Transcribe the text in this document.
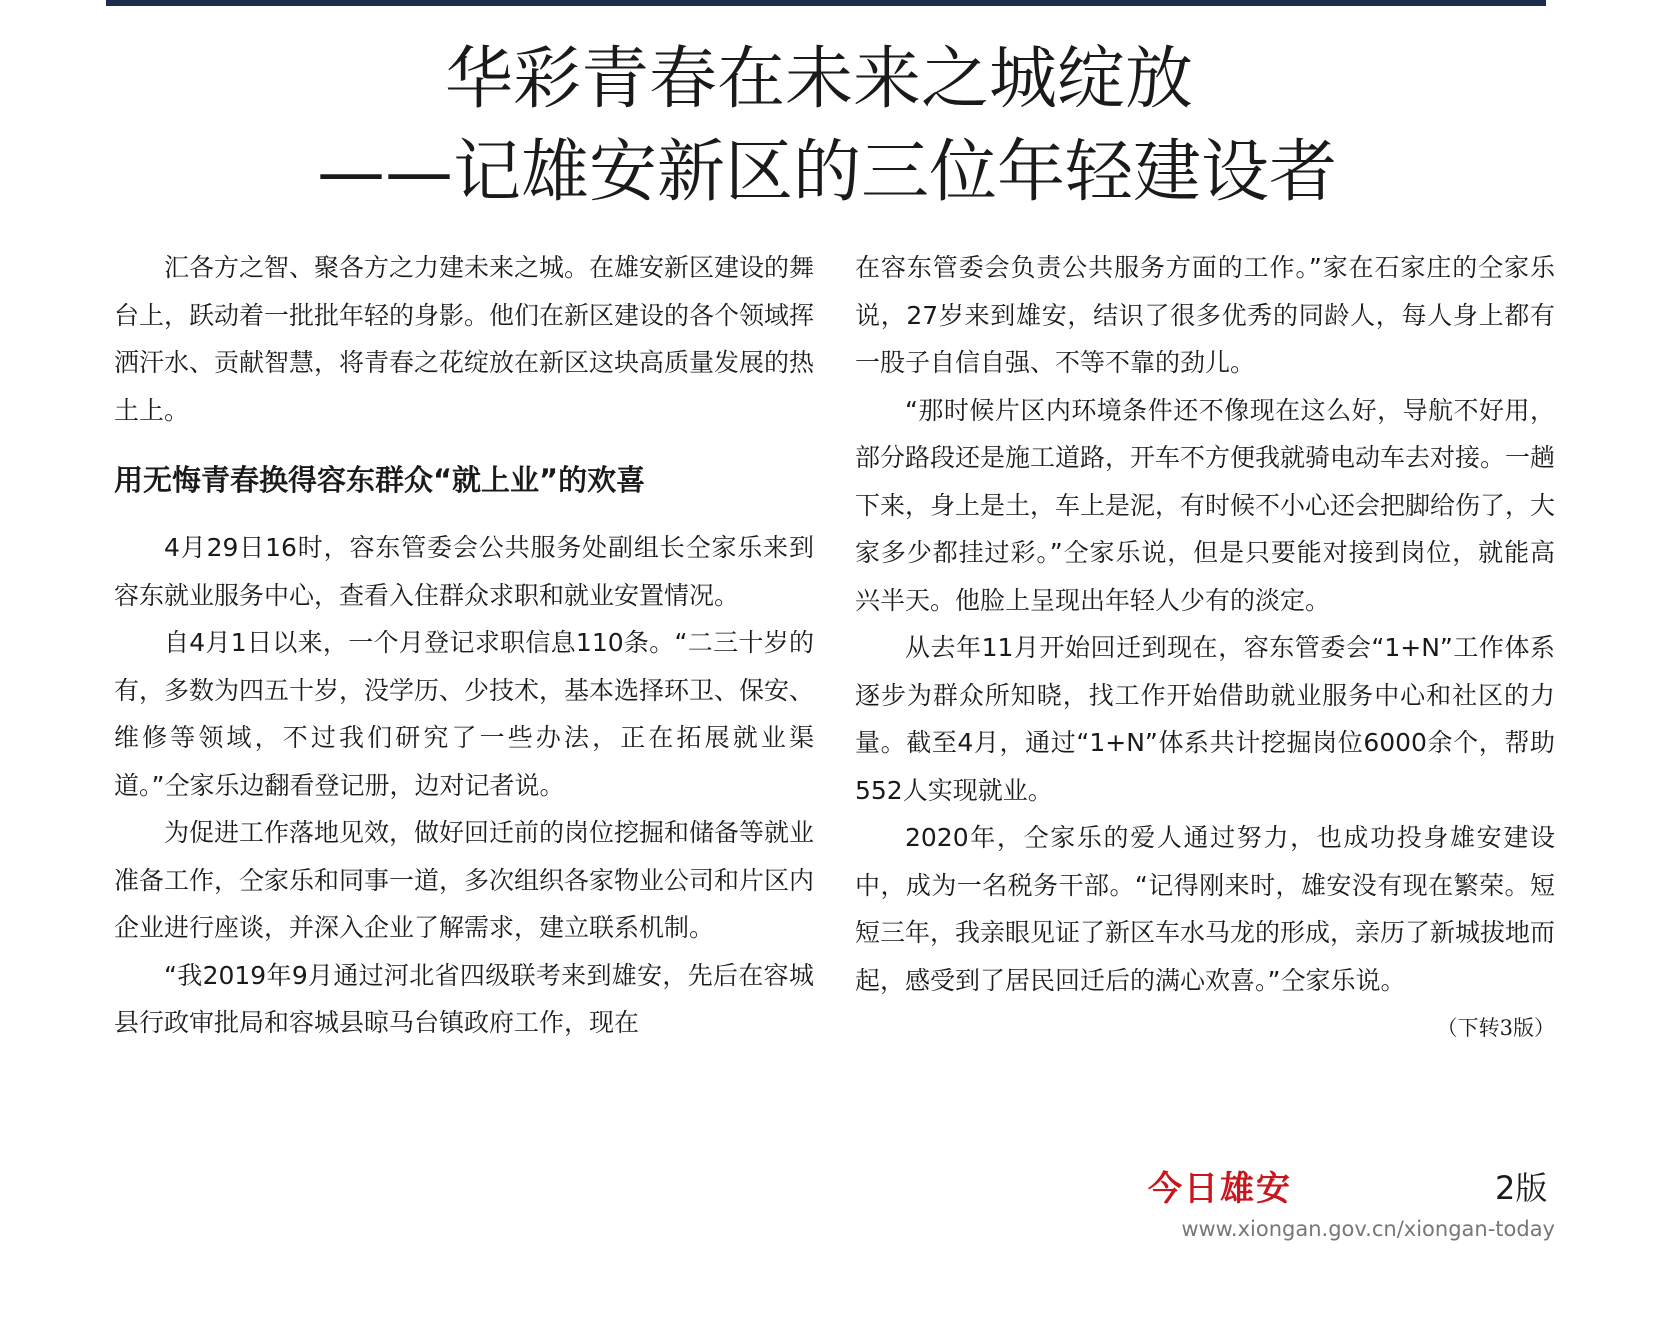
华彩青春在未来之城绽放
——记雄安新区的三位年轻建设者

汇各方之智、聚各方之力建未来之城。在雄安新区建设的舞台上，跃动着一批批年轻的身影。他们在新区建设的各个领域挥洒汗水、贡献智慧，将青春之花绽放在新区这块高质量发展的热土上。

用无悔青春换得容东群众“就上业”的欢喜

4月29日16时，容东管委会公共服务处副组长仝家乐来到容东就业服务中心，查看入住群众求职和就业安置情况。

自4月1日以来，一个月登记求职信息110条。“二三十岁的有，多数为四五十岁，没学历、少技术，基本选择环卫、保安、维修等领域，不过我们研究了一些办法，正在拓展就业渠道。”仝家乐边翻看登记册，边对记者说。

为促进工作落地见效，做好回迁前的岗位挖掘和储备等就业准备工作，仝家乐和同事一道，多次组织各家物业公司和片区内企业进行座谈，并深入企业了解需求，建立联系机制。

“我2019年9月通过河北省四级联考来到雄安，先后在容城县行政审批局和容城县晾马台镇政府工作，现在

在容东管委会负责公共服务方面的工作。”家在石家庄的仝家乐说，27岁来到雄安，结识了很多优秀的同龄人，每人身上都有一股子自信自强、不等不靠的劲儿。

“那时候片区内环境条件还不像现在这么好，导航不好用，部分路段还是施工道路，开车不方便我就骑电动车去对接。一趟下来，身上是土，车上是泥，有时候不小心还会把脚给伤了，大家多少都挂过彩。”仝家乐说，但是只要能对接到岗位，就能高兴半天。他脸上呈现出年轻人少有的淡定。

从去年11月开始回迁到现在，容东管委会“1+N”工作体系逐步为群众所知晓，找工作开始借助就业服务中心和社区的力量。截至4月，通过“1+N”体系共计挖掘岗位6000余个，帮助552人实现就业。

2020年，仝家乐的爱人通过努力，也成功投身雄安建设中，成为一名税务干部。“记得刚来时，雄安没有现在繁荣。短短三年，我亲眼见证了新区车水马龙的形成，亲历了新城拔地而起，感受到了居民回迁后的满心欢喜。”仝家乐说。

（下转3版）
今日雄安	2版
www.xiongan.gov.cn/xiongan-today
